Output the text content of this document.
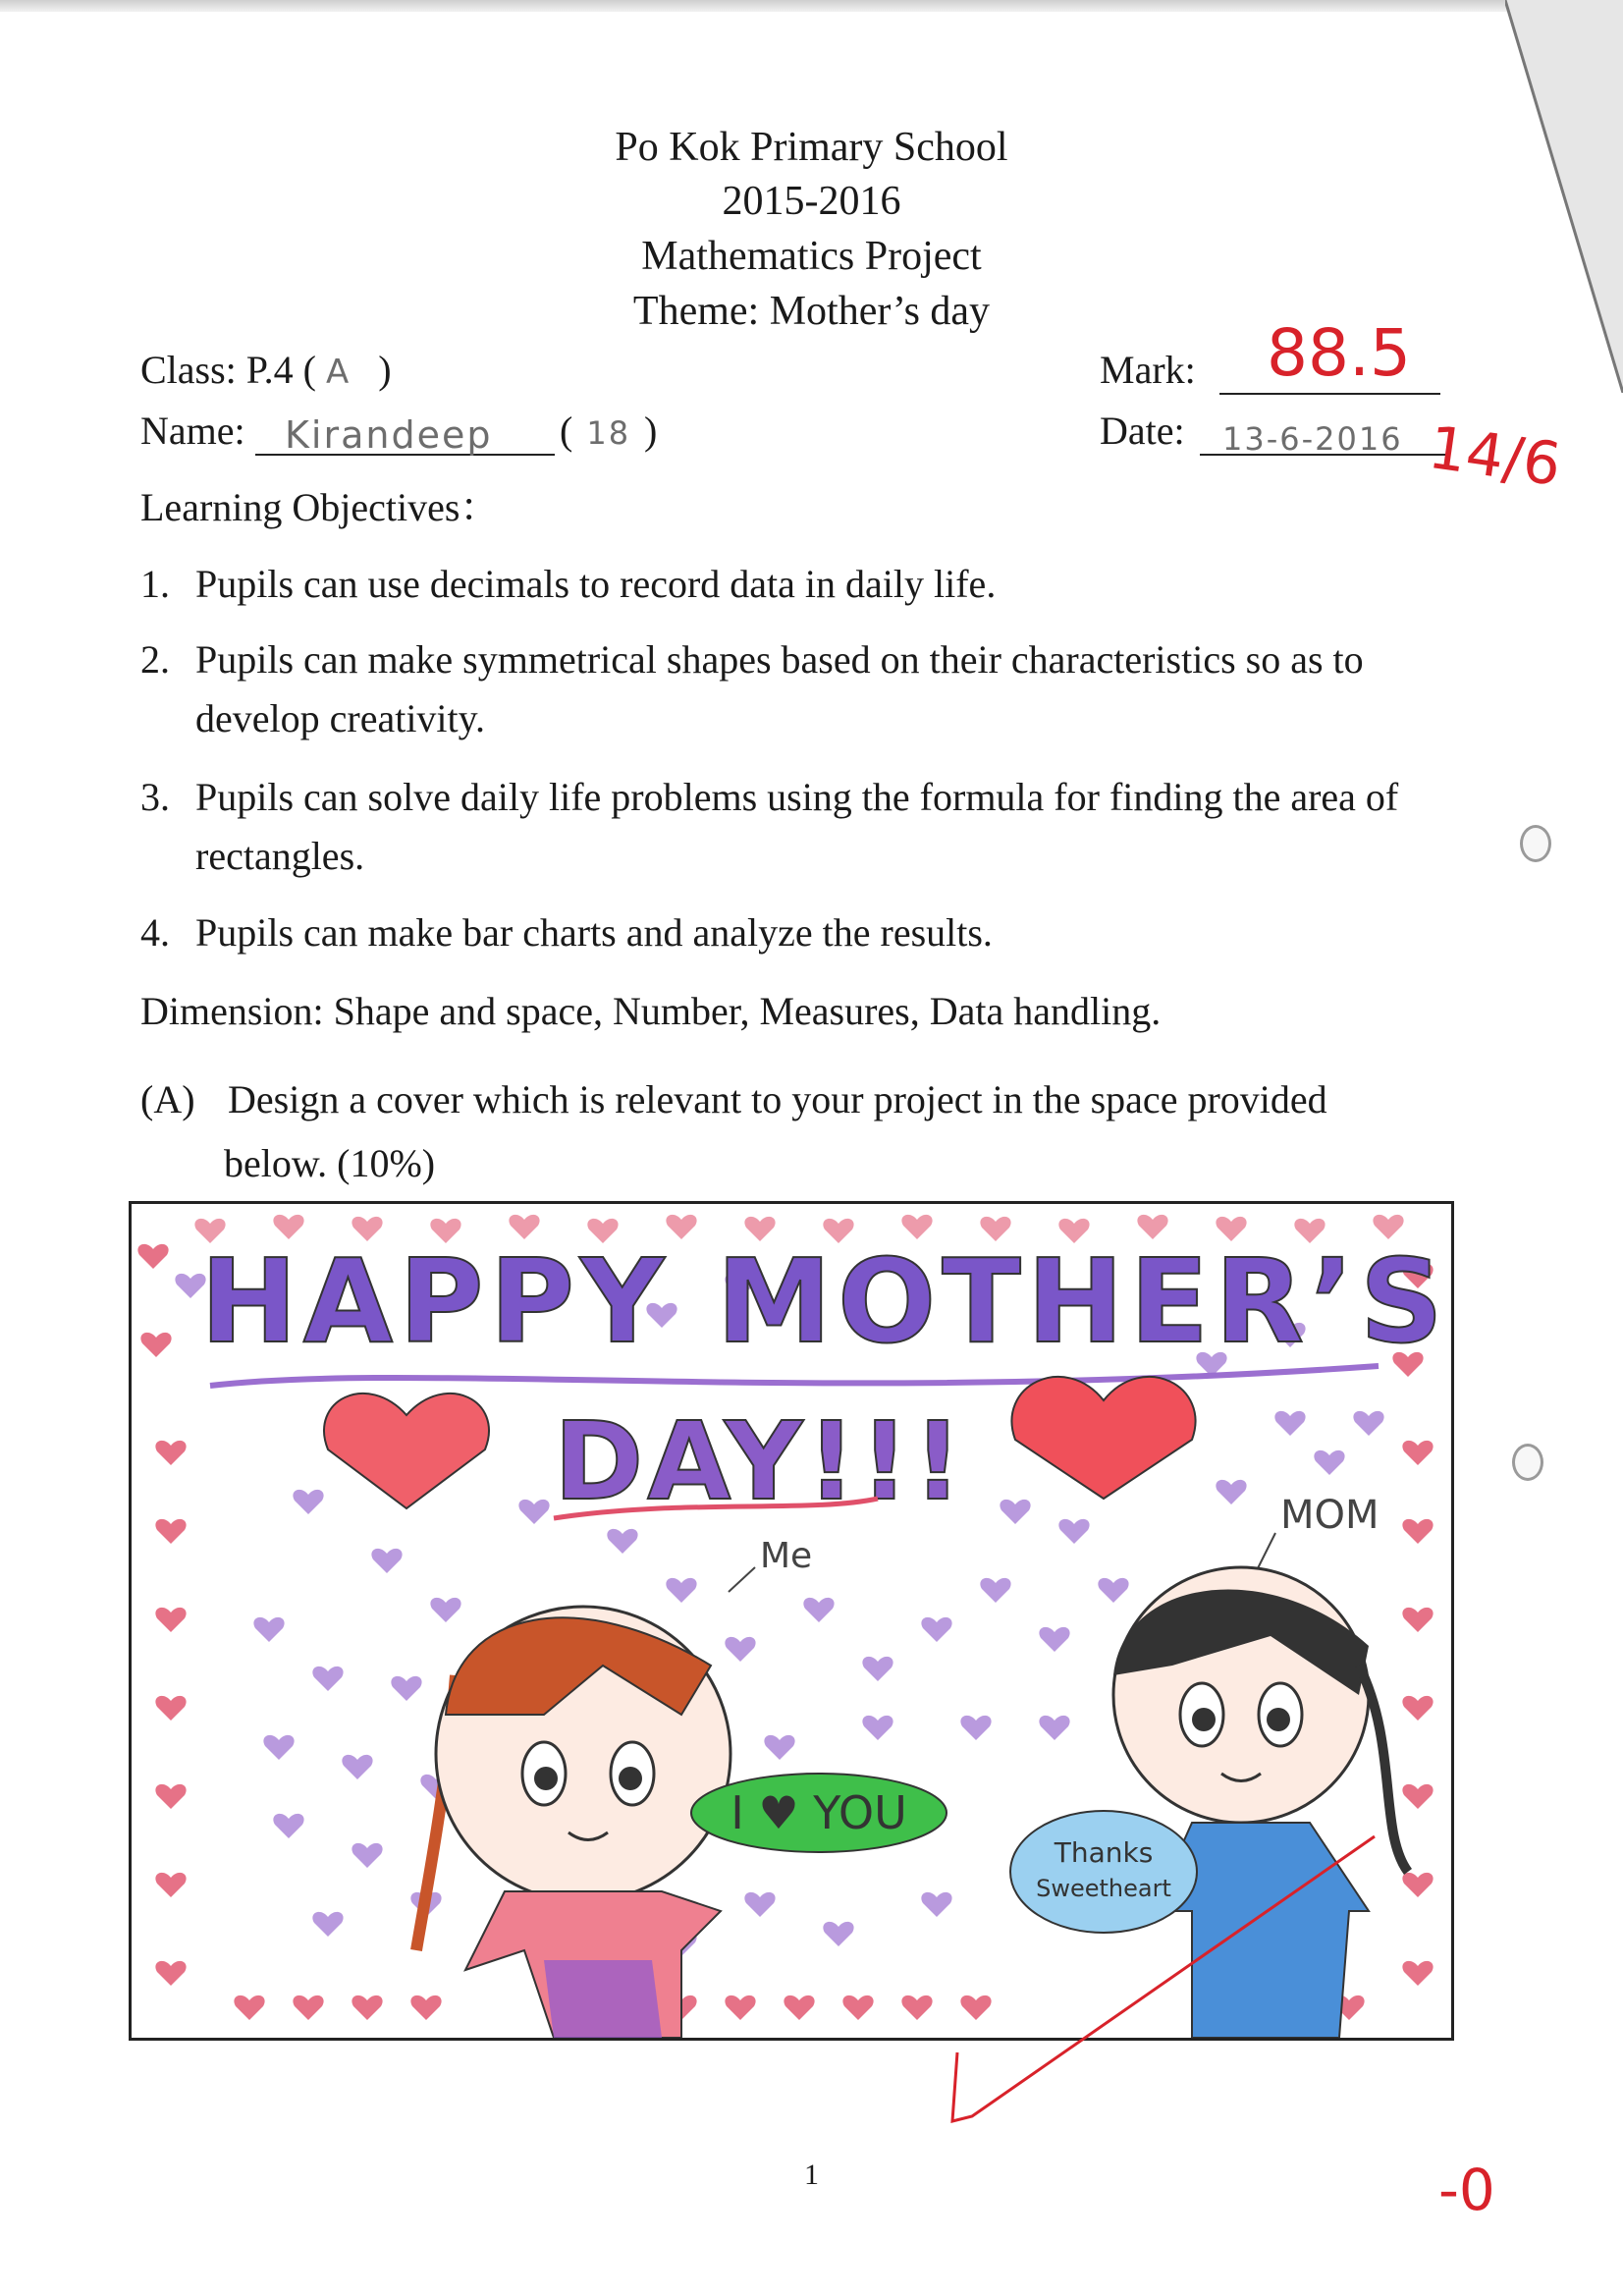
Po Kok Primary School
2015-2016
Mathematics Project
Theme: Mother’s day
Class: P.4 ( A )
Name: Kirandeep ( 18 )
Mark: 88.5
Date: 13-6-2016 14/6
Learning Objectives：
1. Pupils can use decimals to record data in daily life.
2. Pupils can make symmetrical shapes based on their characteristics so as to
develop creativity.
3. Pupils can solve daily life problems using the formula for finding the area of
rectangles.
4. Pupils can make bar charts and analyze the results.
Dimension: Shape and space, Number, Measures, Data handling.
(A) Design a cover which is relevant to your project in the space provided
below. (10%)
HAPPY MOTHER’S
DAY!!!
Me
I ♥ YOU
MOM
Thanks
Sweetheart
1	-0
